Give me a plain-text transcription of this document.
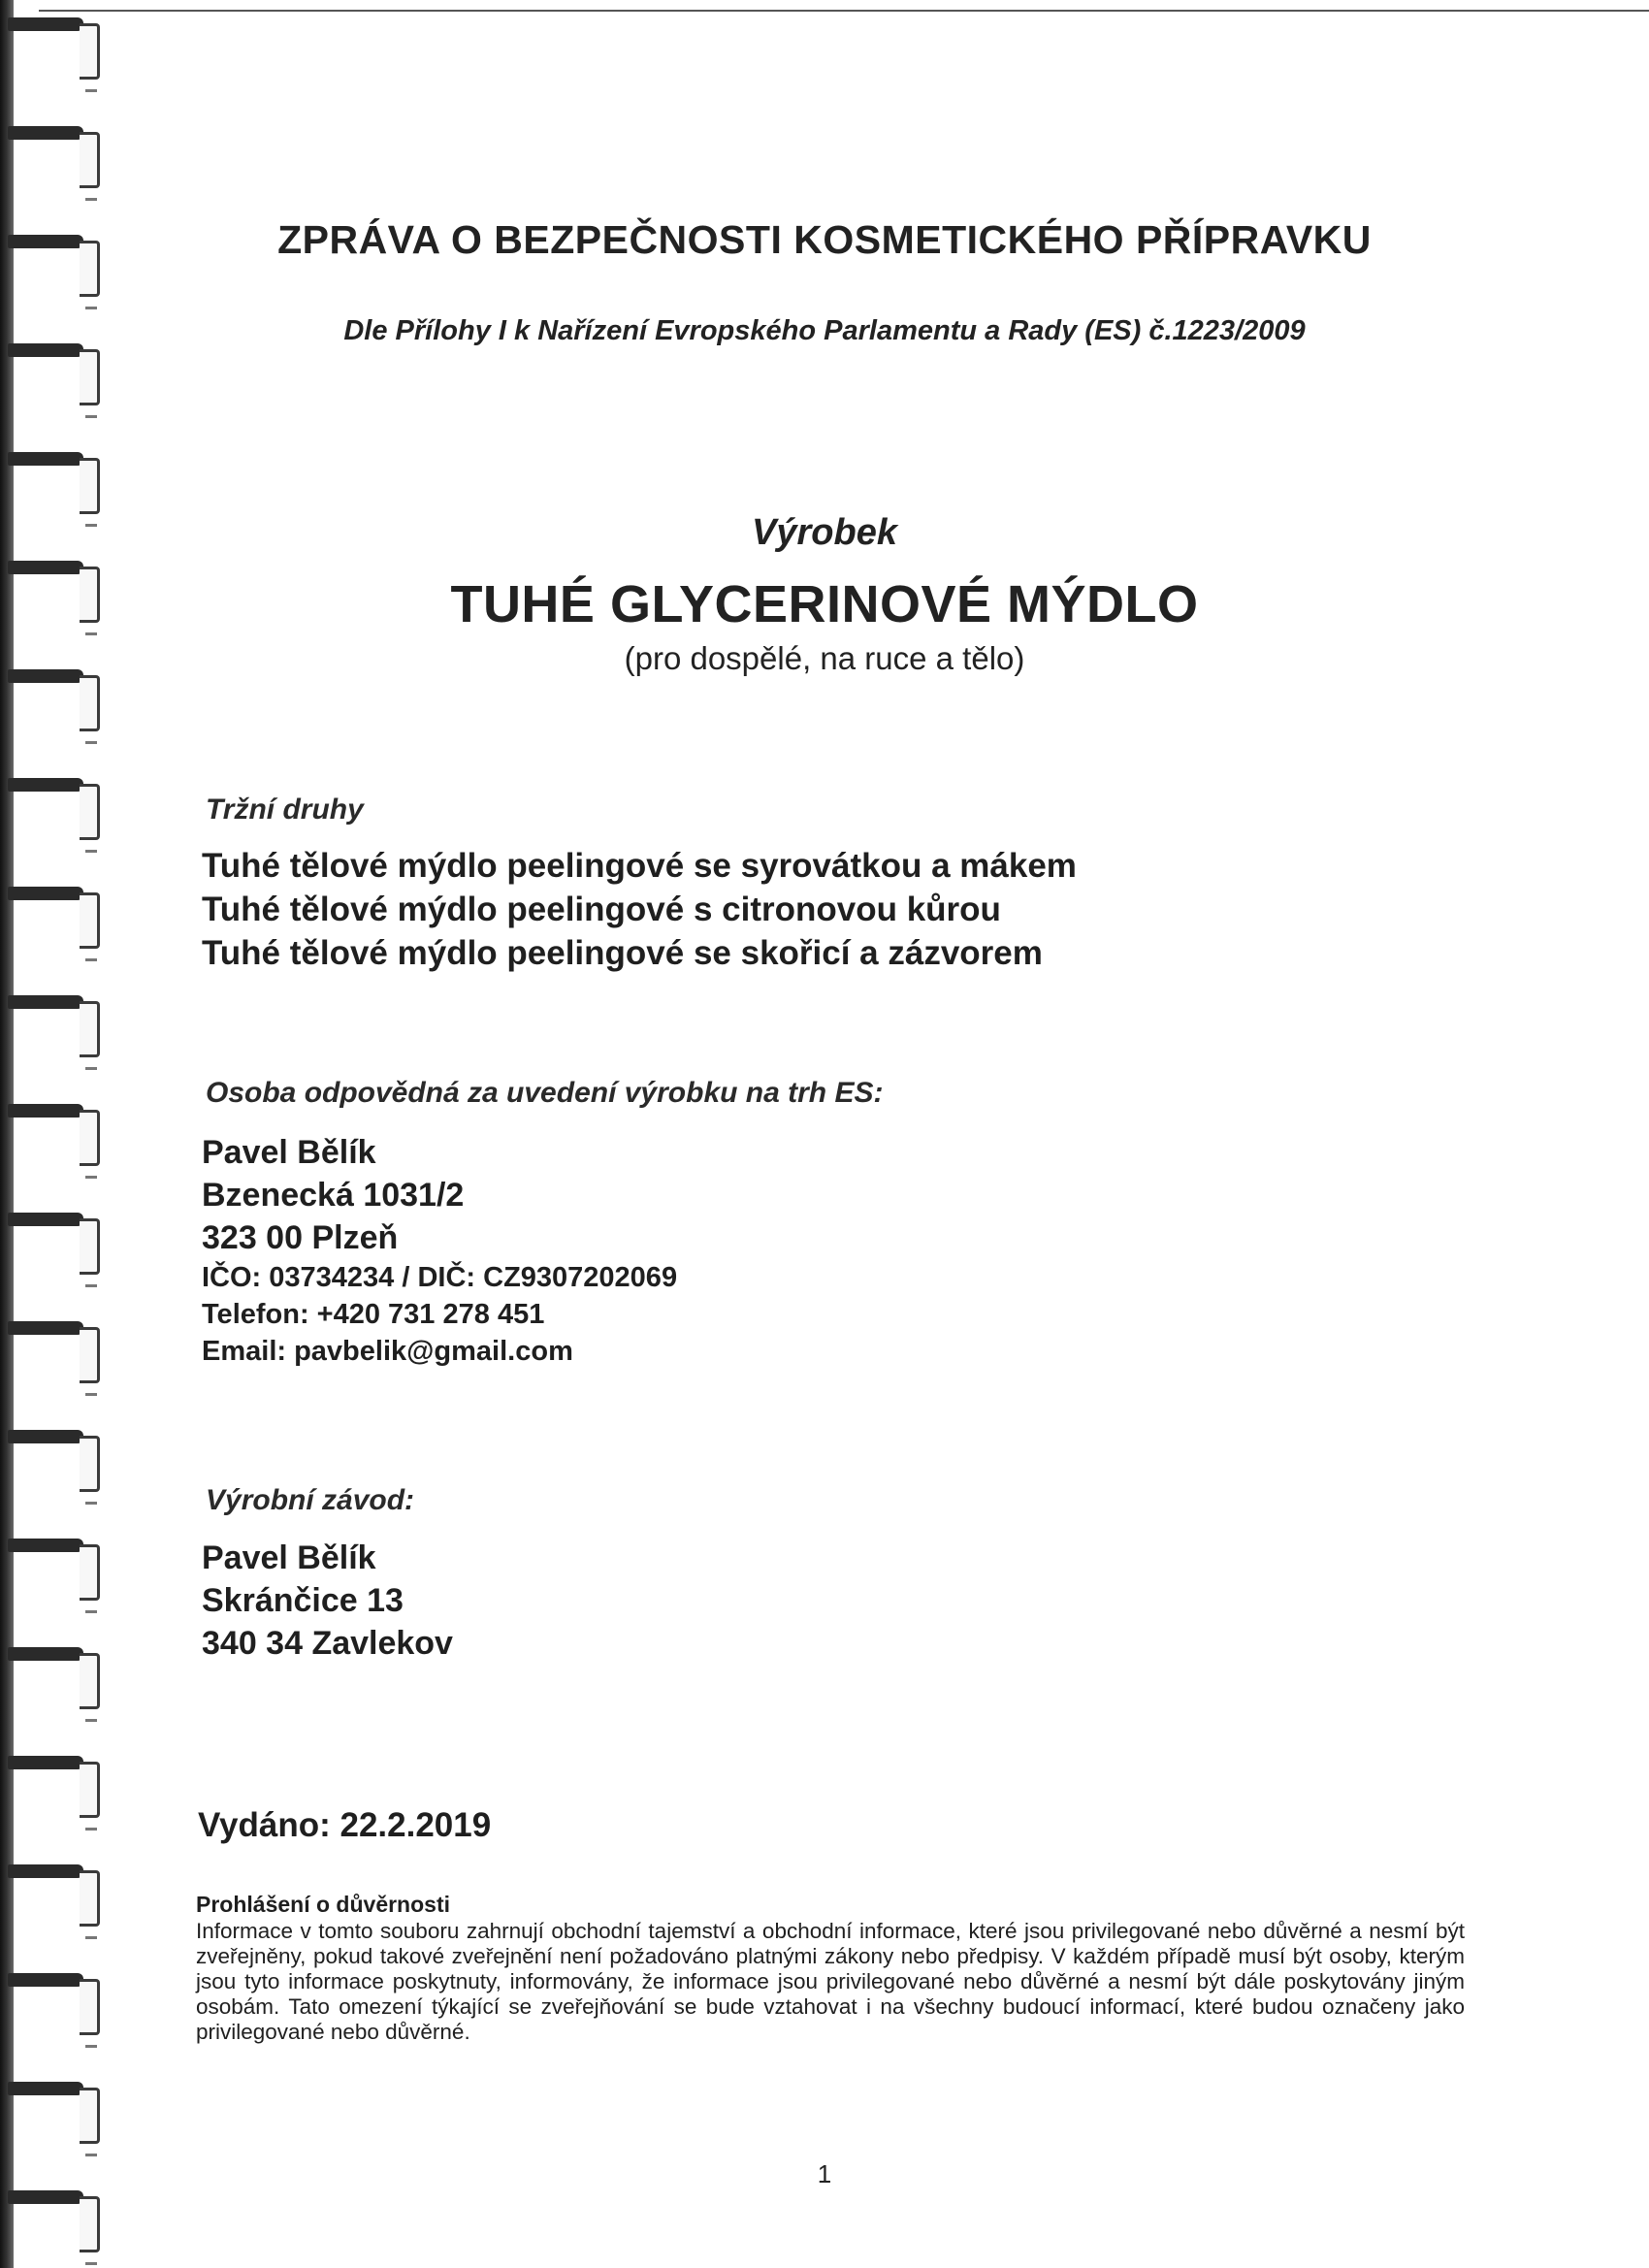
ZPRÁVA O BEZPEČNOSTI KOSMETICKÉHO PŘÍPRAVKU

Dle Přílohy I k Nařízení Evropského Parlamentu a Rady (ES) č.1223/2009

Výrobek

TUHÉ GLYCERINOVÉ MÝDLO

(pro dospělé, na ruce a tělo)

Tržní druhy

Tuhé tělové mýdlo peelingové se syrovátkou a mákem
Tuhé tělové mýdlo peelingové s citronovou kůrou
Tuhé tělové mýdlo peelingové se skořicí a zázvorem

Osoba odpovědná za uvedení výrobku na trh ES:

Pavel Bělík
Bzenecká 1031/2
323 00 Plzeň
IČO: 03734234 / DIČ: CZ9307202069
Telefon: +420 731 278 451
Email: pavbelik@gmail.com

Výrobní závod:

Pavel Bělík
Skránčice 13
340 34 Zavlekov

Vydáno: 22.2.2019

Prohlášení o důvěrnosti

Informace v tomto souboru zahrnují obchodní tajemství a obchodní informace, které jsou privilegované nebo důvěrné a nesmí být zveřejněny, pokud takové zveřejnění není požadováno platnými zákony nebo předpisy. V každém případě musí být osoby, kterým jsou tyto informace poskytnuty, informovány, že informace jsou privilegované nebo důvěrné a nesmí být dále poskytovány jiným osobám. Tato omezení týkající se zveřejňování se bude vztahovat i na všechny budoucí informací, které budou označeny jako privilegované nebo důvěrné.

1
